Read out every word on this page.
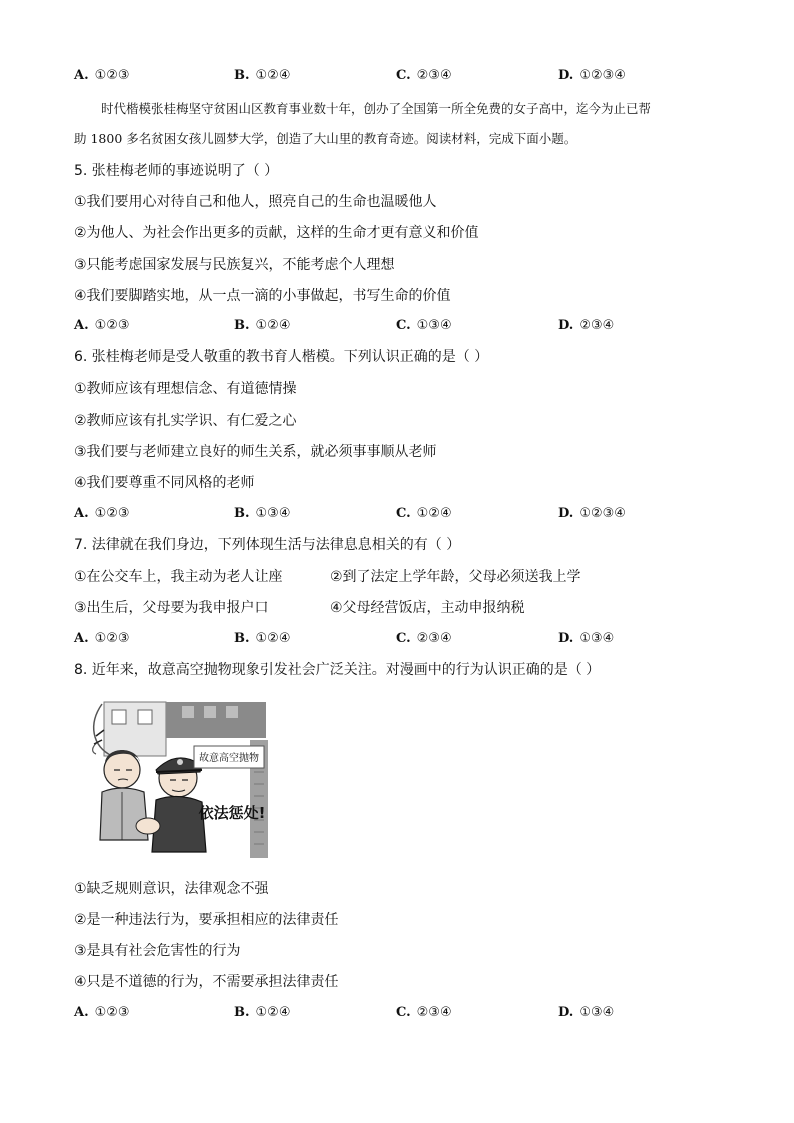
A. ①②③	B. ①②④	C. ②③④	D. ①②③④
时代楷模张桂梅坚守贫困山区教育事业数十年，创办了全国第一所全免费的女子高中，迄今为止已帮
助 1800 多名贫困女孩儿圆梦大学，创造了大山里的教育奇迹。阅读材料，完成下面小题。
5. 张桂梅老师的事迹说明了（ ）
①我们要用心对待自己和他人，照亮自己的生命也温暖他人
②为他人、为社会作出更多的贡献，这样的生命才更有意义和价值
③只能考虑国家发展与民族复兴，不能考虑个人理想
④我们要脚踏实地，从一点一滴的小事做起，书写生命的价值
A. ①②③	B. ①②④	C. ①③④	D. ②③④
6. 张桂梅老师是受人敬重的教书育人楷模。下列认识正确的是（ ）
①教师应该有理想信念、有道德情操
②教师应该有扎实学识、有仁爱之心
③我们要与老师建立良好的师生关系，就必须事事顺从老师
④我们要尊重不同风格的老师
A. ①②③	B. ①③④	C. ①②④	D. ①②③④
7. 法律就在我们身边，下列体现生活与法律息息相关的有（ ）
①在公交车上，我主动为老人让座	②到了法定上学年龄，父母必须送我上学
③出生后，父母要为我申报户口	④父母经营饭店，主动申报纳税
A. ①②③	B. ①②④	C. ②③④	D. ①③④
8. 近年来，故意高空抛物现象引发社会广泛关注。对漫画中的行为认识正确的是（ ）
故意高空抛物
依法惩处!
①缺乏规则意识，法律观念不强
②是一种违法行为，要承担相应的法律责任
③是具有社会危害性的行为
④只是不道德的行为，不需要承担法律责任
A. ①②③	B. ①②④	C. ②③④	D. ①③④
